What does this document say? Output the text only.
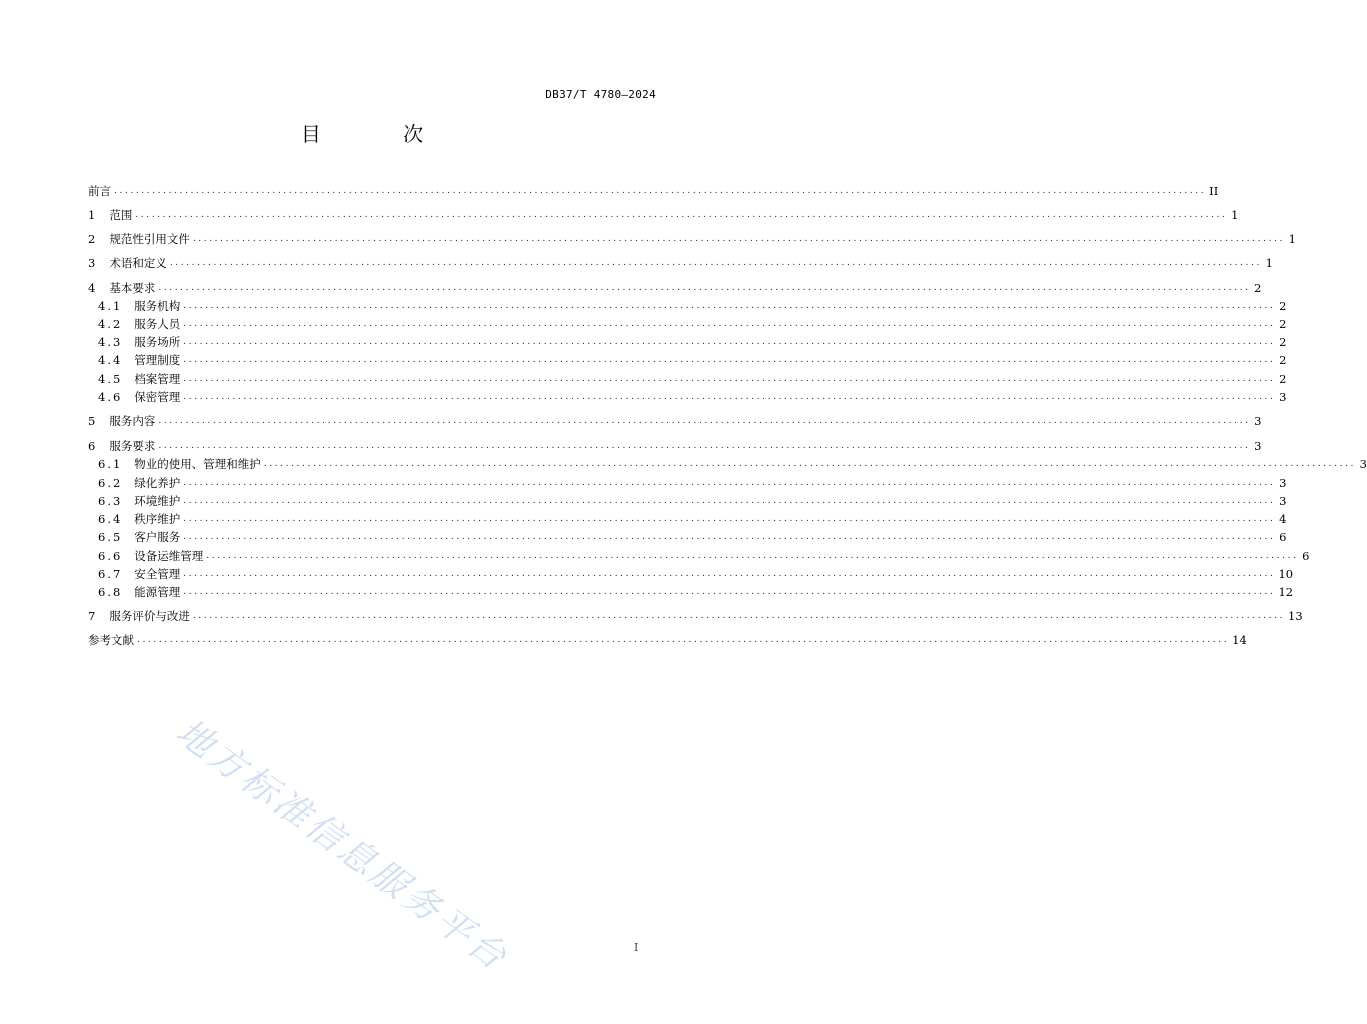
DB37/T 4780—2024
目 次
前言 ........................................................................................................................................................................................................ II
1 范围 ........................................................................................................................................................................................................ 1
2 规范性引用文件 ........................................................................................................................................................................................................ 1
3 术语和定义 ........................................................................................................................................................................................................ 1
4 基本要求 ........................................................................................................................................................................................................ 2
4.1 服务机构 ........................................................................................................................................................................................................ 2
4.2 服务人员 ........................................................................................................................................................................................................ 2
4.3 服务场所 ........................................................................................................................................................................................................ 2
4.4 管理制度 ........................................................................................................................................................................................................ 2
4.5 档案管理 ........................................................................................................................................................................................................ 2
4.6 保密管理 ........................................................................................................................................................................................................ 3
5 服务内容 ........................................................................................................................................................................................................ 3
6 服务要求 ........................................................................................................................................................................................................ 3
6.1 物业的使用、管理和维护 ........................................................................................................................................................................................................ 3
6.2 绿化养护 ........................................................................................................................................................................................................ 3
6.3 环境维护 ........................................................................................................................................................................................................ 3
6.4 秩序维护 ........................................................................................................................................................................................................ 4
6.5 客户服务 ........................................................................................................................................................................................................ 6
6.6 设备运维管理 ........................................................................................................................................................................................................ 6
6.7 安全管理 ........................................................................................................................................................................................................ 10
6.8 能源管理 ........................................................................................................................................................................................................ 12
7 服务评价与改进 ........................................................................................................................................................................................................ 13
参考文献 ........................................................................................................................................................................................................ 14
地方标准信息服务平台	I
